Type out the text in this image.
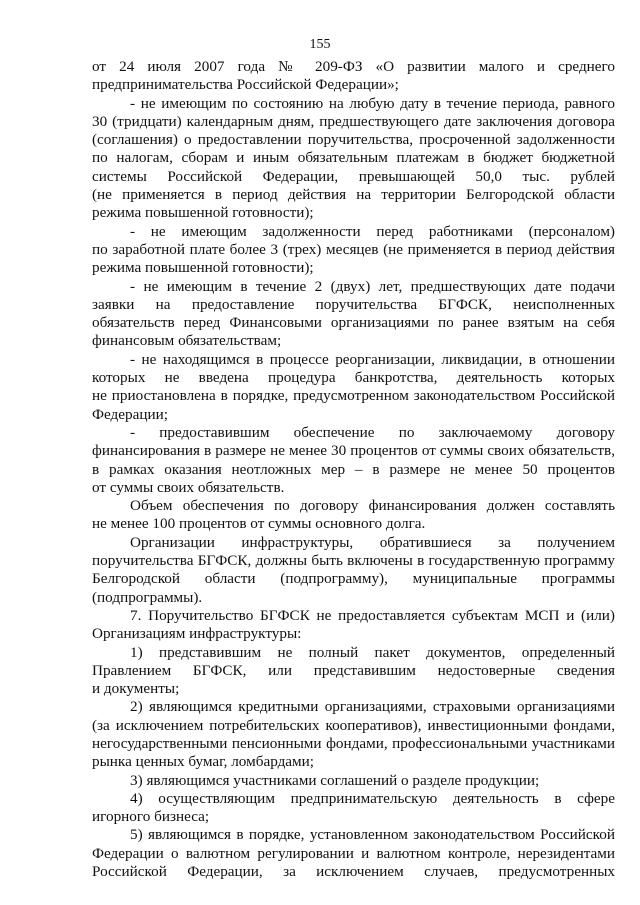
155

от 24 июля 2007 года № 209-ФЗ «О развитии малого и среднего

предпринимательства Российской Федерации»;

- не имеющим по состоянию на любую дату в течение периода, равного

30 (тридцати) календарным дням, предшествующего дате заключения договора

(соглашения) о предоставлении поручительства, просроченной задолженности

по налогам, сборам и иным обязательным платежам в бюджет бюджетной

системы Российской Федерации, превышающей 50,0 тыс. рублей

(не применяется в период действия на территории Белгородской области

режима повышенной готовности);

- не имеющим задолженности перед работниками (персоналом)

по заработной плате более 3 (трех) месяцев (не применяется в период действия

режима повышенной готовности);

- не имеющим в течение 2 (двух) лет, предшествующих дате подачи

заявки на предоставление поручительства БГФСК, неисполненных

обязательств перед Финансовыми организациями по ранее взятым на себя

финансовым обязательствам;

- не находящимся в процессе реорганизации, ликвидации, в отношении

которых не введена процедура банкротства, деятельность которых

не приостановлена в порядке, предусмотренном законодательством Российской

Федерации;

- предоставившим обеспечение по заключаемому договору

финансирования в размере не менее 30 процентов от суммы своих обязательств,

в рамках оказания неотложных мер – в размере не менее 50 процентов

от суммы своих обязательств.

Объем обеспечения по договору финансирования должен составлять

не менее 100 процентов от суммы основного долга.

Организации инфраструктуры, обратившиеся за получением

поручительства БГФСК, должны быть включены в государственную программу

Белгородской области (подпрограмму), муниципальные программы

(подпрограммы).

7. Поручительство БГФСК не предоставляется субъектам МСП и (или)

Организациям инфраструктуры:

1) представившим не полный пакет документов, определенный

Правлением БГФСК, или представившим недостоверные сведения

и документы;

2) являющимся кредитными организациями, страховыми организациями

(за исключением потребительских кооперативов), инвестиционными фондами,

негосударственными пенсионными фондами, профессиональными участниками

рынка ценных бумаг, ломбардами;

3) являющимся участниками соглашений о разделе продукции;

4) осуществляющим предпринимательскую деятельность в сфере

игорного бизнеса;

5) являющимся в порядке, установленном законодательством Российской

Федерации о валютном регулировании и валютном контроле, нерезидентами

Российской Федерации, за исключением случаев, предусмотренных
